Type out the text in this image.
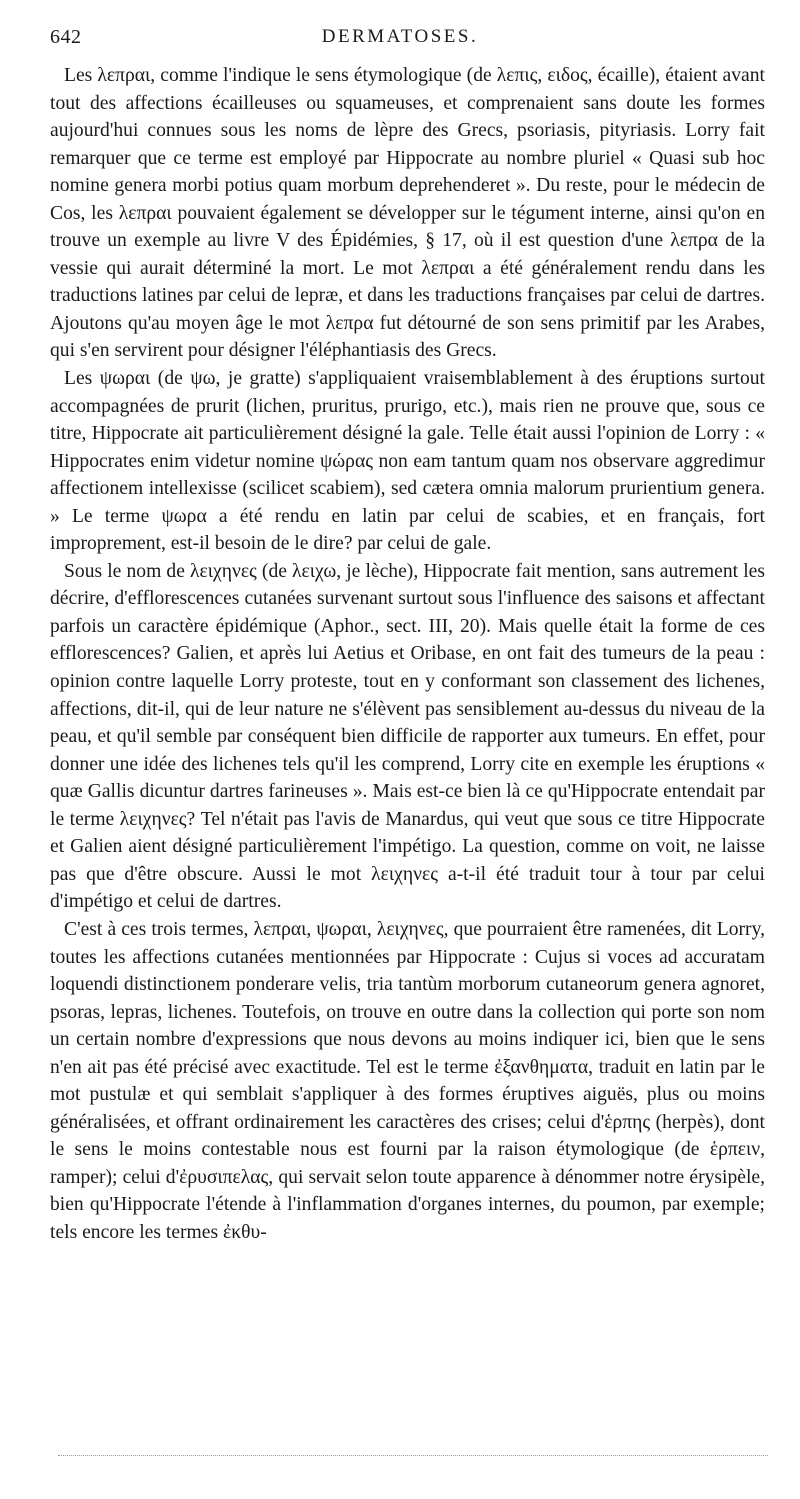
642	DERMATOSES.

Les λεπραι, comme l'indique le sens étymologique (de λεπις, ειδος, écaille), étaient avant tout des affections écailleuses ou squameuses, et comprenaient sans doute les formes aujourd'hui connues sous les noms de lèpre des Grecs, psoriasis, pityriasis. Lorry fait remarquer que ce terme est employé par Hippocrate au nombre pluriel « Quasi sub hoc nomine genera morbi potius quam morbum deprehenderet ». Du reste, pour le médecin de Cos, les λεπραι pouvaient également se développer sur le tégument interne, ainsi qu'on en trouve un exemple au livre V des Épidémies, § 17, où il est question d'une λεπρα de la vessie qui aurait déterminé la mort. Le mot λεπραι a été généralement rendu dans les traductions latines par celui de lepræ, et dans les traductions françaises par celui de dartres. Ajoutons qu'au moyen âge le mot λεπρα fut détourné de son sens primitif par les Arabes, qui s'en servirent pour désigner l'éléphantiasis des Grecs.

Les ψωραι (de ψω, je gratte) s'appliquaient vraisemblablement à des éruptions surtout accompagnées de prurit (lichen, pruritus, prurigo, etc.), mais rien ne prouve que, sous ce titre, Hippocrate ait particulièrement désigné la gale. Telle était aussi l'opinion de Lorry : « Hippocrates enim videtur nomine ψώρας non eam tantum quam nos observare aggredimur affectionem intellexisse (scilicet scabiem), sed cætera omnia malorum prurientium genera. » Le terme ψωρα a été rendu en latin par celui de scabies, et en français, fort improprement, est-il besoin de le dire? par celui de gale.

Sous le nom de λειχηνες (de λειχω, je lèche), Hippocrate fait mention, sans autrement les décrire, d'efflorescences cutanées survenant surtout sous l'influence des saisons et affectant parfois un caractère épidémique (Aphor., sect. III, 20). Mais quelle était la forme de ces efflorescences? Galien, et après lui Aetius et Oribase, en ont fait des tumeurs de la peau : opinion contre laquelle Lorry proteste, tout en y conformant son classement des lichenes, affections, dit-il, qui de leur nature ne s'élèvent pas sensiblement au-dessus du niveau de la peau, et qu'il semble par conséquent bien difficile de rapporter aux tumeurs. En effet, pour donner une idée des lichenes tels qu'il les comprend, Lorry cite en exemple les éruptions « quæ Gallis dicuntur dartres farineuses ». Mais est-ce bien là ce qu'Hippocrate entendait par le terme λειχηνες? Tel n'était pas l'avis de Manardus, qui veut que sous ce titre Hippocrate et Galien aient désigné particulièrement l'impétigo. La question, comme on voit, ne laisse pas que d'être obscure. Aussi le mot λειχηνες a-t-il été traduit tour à tour par celui d'impétigo et celui de dartres.

C'est à ces trois termes, λεπραι, ψωραι, λειχηνες, que pourraient être ramenées, dit Lorry, toutes les affections cutanées mentionnées par Hippocrate : Cujus si voces ad accuratam loquendi distinctionem ponderare velis, tria tantùm morborum cutaneorum genera agnoret, psoras, lepras, lichenes. Toutefois, on trouve en outre dans la collection qui porte son nom un certain nombre d'expressions que nous devons au moins indiquer ici, bien que le sens n'en ait pas été précisé avec exactitude. Tel est le terme ἐξανθηματα, traduit en latin par le mot pustulæ et qui semblait s'appliquer à des formes éruptives aiguës, plus ou moins généralisées, et offrant ordinairement les caractères des crises; celui d'ἑρπης (herpès), dont le sens le moins contestable nous est fourni par la raison étymologique (de ἑρπειν, ramper); celui d'ἐρυσιπελας, qui servait selon toute apparence à dénommer notre érysipèle, bien qu'Hippocrate l'étende à l'inflammation d'organes internes, du poumon, par exemple; tels encore les termes ἐκθυ-
